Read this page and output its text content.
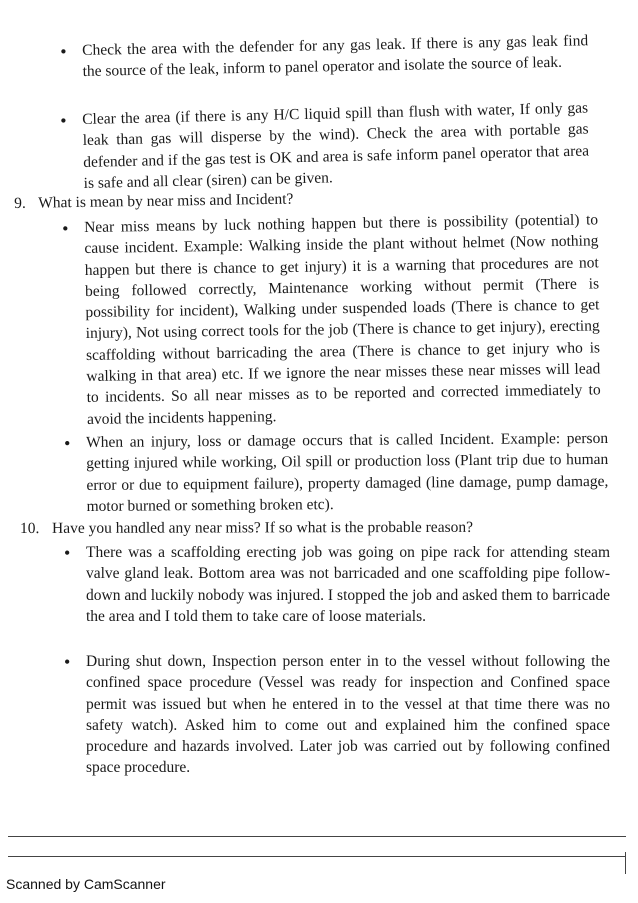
• Check the area with the defender for any gas leak. If there is any gas leak find the source of the leak, inform to panel operator and isolate the source of leak.

• Clear the area (if there is any H/C liquid spill than flush with water, If only gas leak than gas will disperse by the wind). Check the area with portable gas defender and if the gas test is OK and area is safe inform panel operator that area is safe and all clear (siren) can be given.

9. What is mean by near miss and Incident?
• Near miss means by luck nothing happen but there is possibility (potential) to cause incident. Example: Walking inside the plant without helmet (Now nothing happen but there is chance to get injury) it is a warning that procedures are not being followed correctly, Maintenance working without permit (There is possibility for incident), Walking under suspended loads (There is chance to get injury), Not using correct tools for the job (There is chance to get injury), erecting scaffolding without barricading the area (There is chance to get injury who is walking in that area) etc. If we ignore the near misses these near misses will lead to incidents. So all near misses as to be reported and corrected immediately to avoid the incidents happening.

• When an injury, loss or damage occurs that is called Incident. Example: person getting injured while working, Oil spill or production loss (Plant trip due to human error or due to equipment failure), property damaged (line damage, pump damage, motor burned or something broken etc).

10. Have you handled any near miss? If so what is the probable reason?
• There was a scaffolding erecting job was going on pipe rack for attending steam valve gland leak. Bottom area was not barricaded and one scaffolding pipe follow-down and luckily nobody was injured. I stopped the job and asked them to barricade the area and I told them to take care of loose materials.

• During shut down, Inspection person enter in to the vessel without following the confined space procedure (Vessel was ready for inspection and Confined space permit was issued but when he entered in to the vessel at that time there was no safety watch). Asked him to come out and explained him the confined space procedure and hazards involved. Later job was carried out by following confined space procedure.

Scanned by CamScanner
